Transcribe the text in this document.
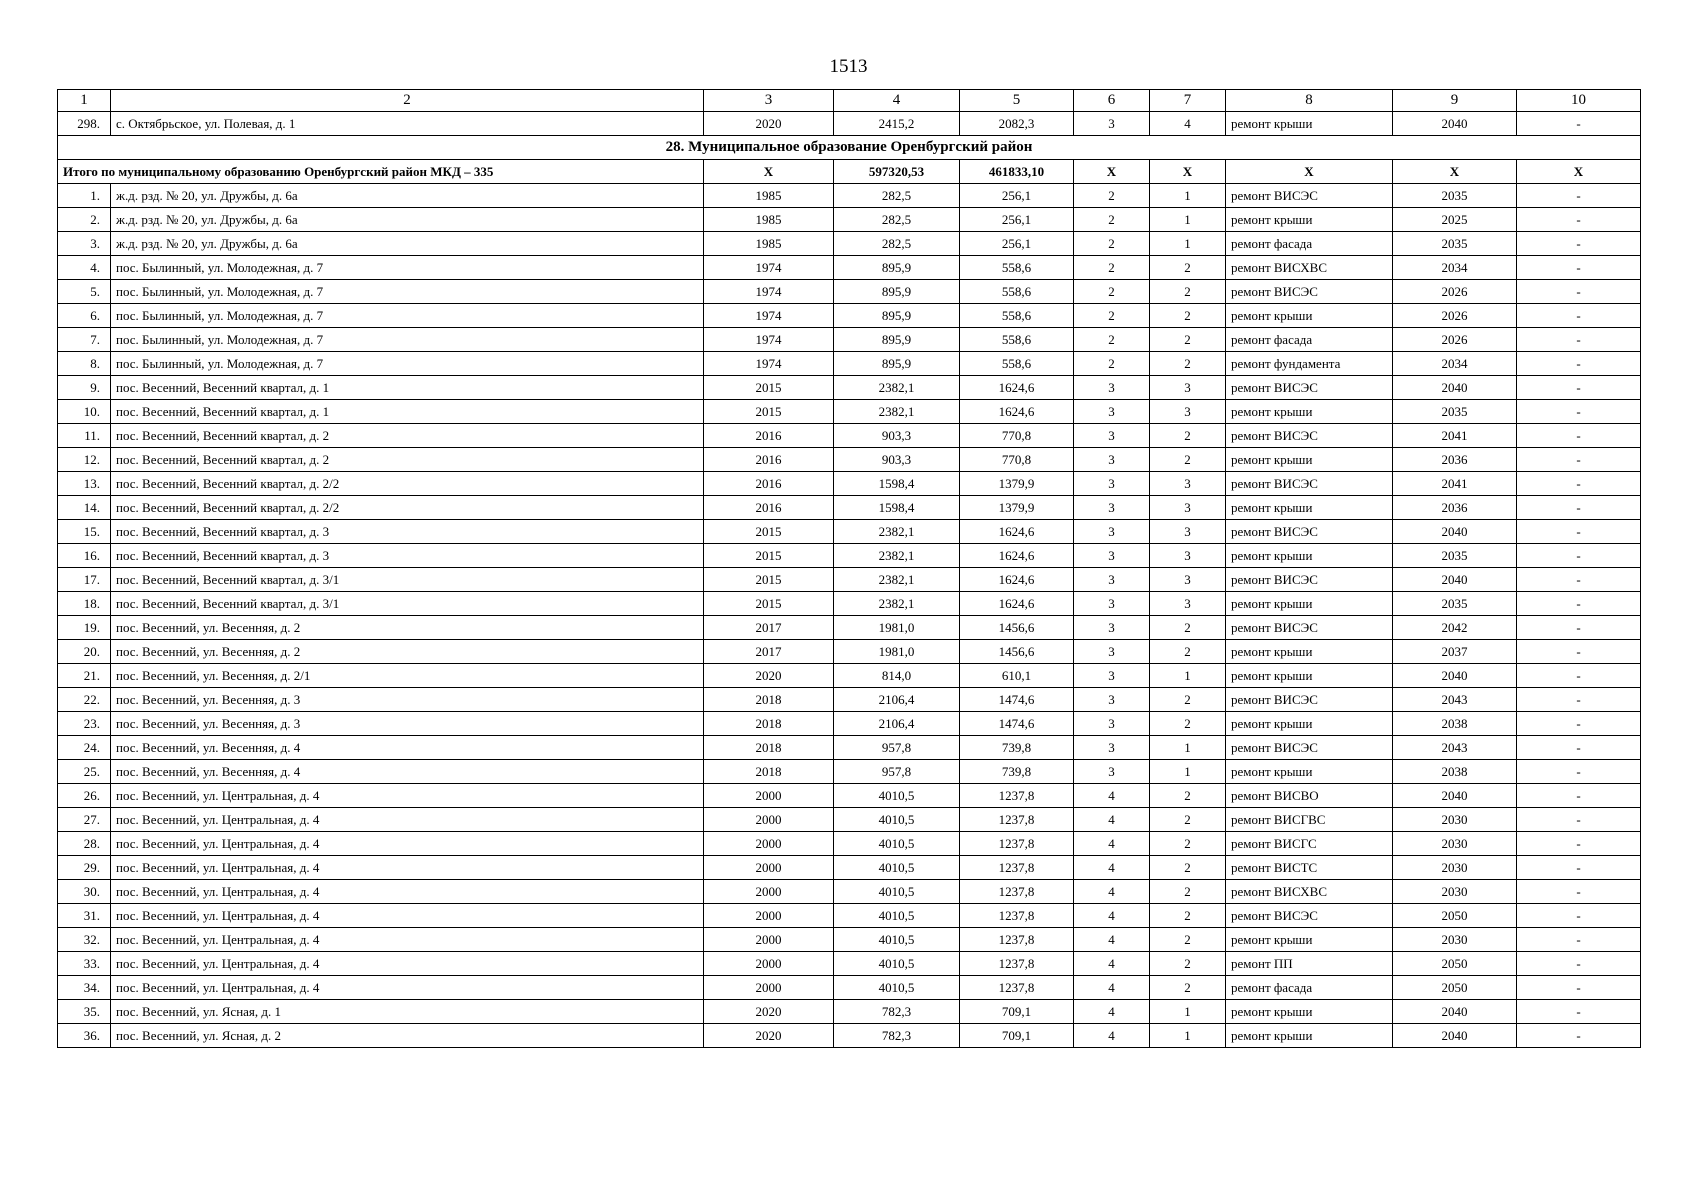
1513
1	2	3	4	5	6	7	8	9	10
298.	с. Октябрьское, ул. Полевая, д. 1	2020	2415,2	2082,3	3	4	ремонт крыши	2040	-
28. Муниципальное образование Оренбургский район									
Итого по муниципальному образованию Оренбургский район МКД – 335		Х	597320,53	461833,10	Х	Х	Х	Х	Х
1.	ж.д. рзд. № 20, ул. Дружбы, д. 6а	1985	282,5	256,1	2	1	ремонт ВИСЭС	2035	-
2.	ж.д. рзд. № 20, ул. Дружбы, д. 6а	1985	282,5	256,1	2	1	ремонт крыши	2025	-
3.	ж.д. рзд. № 20, ул. Дружбы, д. 6а	1985	282,5	256,1	2	1	ремонт фасада	2035	-
4.	пос. Былинный, ул. Молодежная, д. 7	1974	895,9	558,6	2	2	ремонт ВИСХВС	2034	-
5.	пос. Былинный, ул. Молодежная, д. 7	1974	895,9	558,6	2	2	ремонт ВИСЭС	2026	-
6.	пос. Былинный, ул. Молодежная, д. 7	1974	895,9	558,6	2	2	ремонт крыши	2026	-
7.	пос. Былинный, ул. Молодежная, д. 7	1974	895,9	558,6	2	2	ремонт фасада	2026	-
8.	пос. Былинный, ул. Молодежная, д. 7	1974	895,9	558,6	2	2	ремонт фундамента	2034	-
9.	пос. Весенний, Весенний квартал, д. 1	2015	2382,1	1624,6	3	3	ремонт ВИСЭС	2040	-
10.	пос. Весенний, Весенний квартал, д. 1	2015	2382,1	1624,6	3	3	ремонт крыши	2035	-
11.	пос. Весенний, Весенний квартал, д. 2	2016	903,3	770,8	3	2	ремонт ВИСЭС	2041	-
12.	пос. Весенний, Весенний квартал, д. 2	2016	903,3	770,8	3	2	ремонт крыши	2036	-
13.	пос. Весенний, Весенний квартал, д. 2/2	2016	1598,4	1379,9	3	3	ремонт ВИСЭС	2041	-
14.	пос. Весенний, Весенний квартал, д. 2/2	2016	1598,4	1379,9	3	3	ремонт крыши	2036	-
15.	пос. Весенний, Весенний квартал, д. 3	2015	2382,1	1624,6	3	3	ремонт ВИСЭС	2040	-
16.	пос. Весенний, Весенний квартал, д. 3	2015	2382,1	1624,6	3	3	ремонт крыши	2035	-
17.	пос. Весенний, Весенний квартал, д. 3/1	2015	2382,1	1624,6	3	3	ремонт ВИСЭС	2040	-
18.	пос. Весенний, Весенний квартал, д. 3/1	2015	2382,1	1624,6	3	3	ремонт крыши	2035	-
19.	пос. Весенний, ул. Весенняя, д. 2	2017	1981,0	1456,6	3	2	ремонт ВИСЭС	2042	-
20.	пос. Весенний, ул. Весенняя, д. 2	2017	1981,0	1456,6	3	2	ремонт крыши	2037	-
21.	пос. Весенний, ул. Весенняя, д. 2/1	2020	814,0	610,1	3	1	ремонт крыши	2040	-
22.	пос. Весенний, ул. Весенняя, д. 3	2018	2106,4	1474,6	3	2	ремонт ВИСЭС	2043	-
23.	пос. Весенний, ул. Весенняя, д. 3	2018	2106,4	1474,6	3	2	ремонт крыши	2038	-
24.	пос. Весенний, ул. Весенняя, д. 4	2018	957,8	739,8	3	1	ремонт ВИСЭС	2043	-
25.	пос. Весенний, ул. Весенняя, д. 4	2018	957,8	739,8	3	1	ремонт крыши	2038	-
26.	пос. Весенний, ул. Центральная, д. 4	2000	4010,5	1237,8	4	2	ремонт ВИСВО	2040	-
27.	пос. Весенний, ул. Центральная, д. 4	2000	4010,5	1237,8	4	2	ремонт ВИСГВС	2030	-
28.	пос. Весенний, ул. Центральная, д. 4	2000	4010,5	1237,8	4	2	ремонт ВИСГС	2030	-
29.	пос. Весенний, ул. Центральная, д. 4	2000	4010,5	1237,8	4	2	ремонт ВИСТС	2030	-
30.	пос. Весенний, ул. Центральная, д. 4	2000	4010,5	1237,8	4	2	ремонт ВИСХВС	2030	-
31.	пос. Весенний, ул. Центральная, д. 4	2000	4010,5	1237,8	4	2	ремонт ВИСЭС	2050	-
32.	пос. Весенний, ул. Центральная, д. 4	2000	4010,5	1237,8	4	2	ремонт крыши	2030	-
33.	пос. Весенний, ул. Центральная, д. 4	2000	4010,5	1237,8	4	2	ремонт ПП	2050	-
34.	пос. Весенний, ул. Центральная, д. 4	2000	4010,5	1237,8	4	2	ремонт фасада	2050	-
35.	пос. Весенний, ул. Ясная, д. 1	2020	782,3	709,1	4	1	ремонт крыши	2040	-
36.	пос. Весенний, ул. Ясная, д. 2	2020	782,3	709,1	4	1	ремонт крыши	2040	-
